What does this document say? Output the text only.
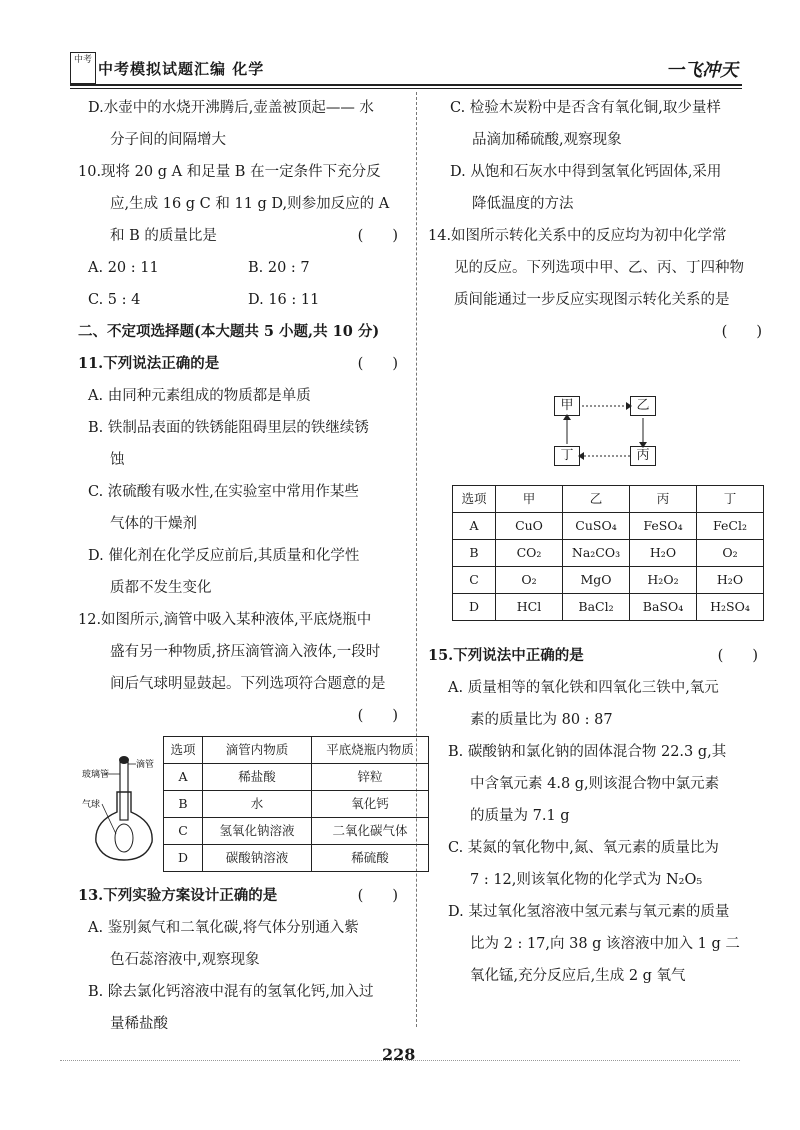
中考 中考模拟试题汇编 化学	一飞冲天
D.水壶中的水烧开沸腾后,壶盖被顶起—— 水
分子间的间隔增大
10.现将 20 g A 和足量 B 在一定条件下充分反
应,生成 16 g C 和 11 g D,则参加反应的 A
和 B 的质量比是	(　　)
A. 20 : 11	B. 20 : 7
C. 5 : 4	D. 16 : 11
二、不定项选择题(本大题共 5 小题,共 10 分)
11.下列说法正确的是	(　　)
A. 由同种元素组成的物质都是单质
B. 铁制品表面的铁锈能阻碍里层的铁继续锈
蚀
C. 浓硫酸有吸水性,在实验室中常用作某些
气体的干燥剂
D. 催化剂在化学反应前后,其质量和化学性
质都不发生变化
12.如图所示,滴管中吸入某种液体,平底烧瓶中
盛有另一种物质,挤压滴管滴入液体,一段时
间后气球明显鼓起。下列选项符合题意的是
(　　)
玻璃管
滴管
气球
选项	滴管内物质	平底烧瓶内物质
A	稀盐酸	锌粒
B	水	氧化钙
C	氢氧化钠溶液	二氧化碳气体
D	碳酸钠溶液	稀硫酸
13.下列实验方案设计正确的是	(　　)
A. 鉴别氮气和二氧化碳,将气体分别通入紫
色石蕊溶液中,观察现象
B. 除去氯化钙溶液中混有的氢氧化钙,加入过
量稀盐酸
C. 检验木炭粉中是否含有氧化铜,取少量样
品滴加稀硫酸,观察现象
D. 从饱和石灰水中得到氢氧化钙固体,采用
降低温度的方法
14.如图所示转化关系中的反应均为初中化学常
见的反应。下列选项中甲、乙、丙、丁四种物
质间能通过一步反应实现图示转化关系的是
(　　)
甲	乙
丁	丙
选项	甲	乙	丙	丁
A	CuO	CuSO₄	FeSO₄	FeCl₂
B	CO₂	Na₂CO₃	H₂O	O₂
C	O₂	MgO	H₂O₂	H₂O
D	HCl	BaCl₂	BaSO₄	H₂SO₄
15.下列说法中正确的是	(　　)
A. 质量相等的氧化铁和四氧化三铁中,氧元
素的质量比为 80 : 87
B. 碳酸钠和氯化钠的固体混合物 22.3 g,其
中含氧元素 4.8 g,则该混合物中氯元素
的质量为 7.1 g
C. 某氮的氧化物中,氮、氧元素的质量比为
7 : 12,则该氧化物的化学式为 N₂O₅
D. 某过氧化氢溶液中氢元素与氧元素的质量
比为 2 : 17,向 38 g 该溶液中加入 1 g 二
氧化锰,充分反应后,生成 2 g 氧气
228
